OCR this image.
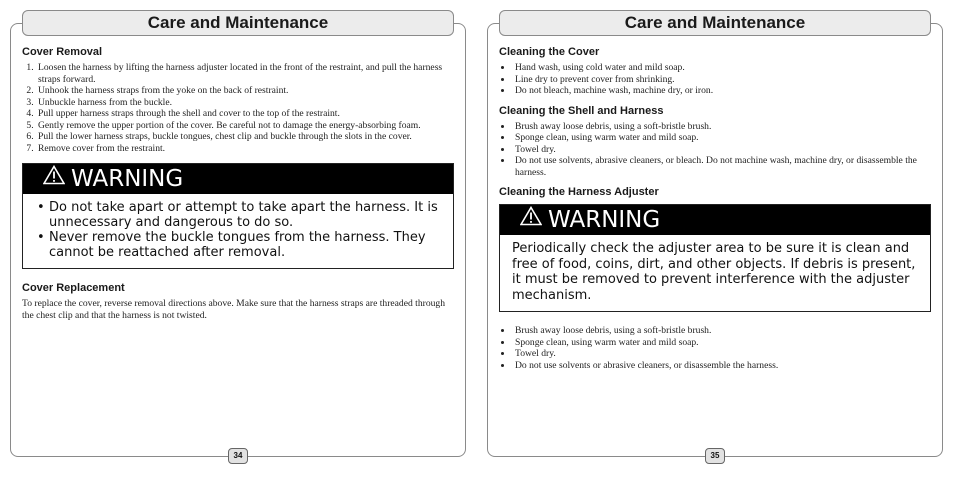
Care and Maintenance
Cover Removal
1. Loosen the harness by lifting the harness adjuster located in the front of the restraint, and pull the harness straps forward.
2. Unhook the harness straps from the yoke on the back of restraint.
3. Unbuckle harness from the buckle.
4. Pull upper harness straps through the shell and cover to the top of the restraint.
5. Gently remove the upper portion of the cover. Be careful not to damage the energy-absorbing foam.
6. Pull the lower harness straps, buckle tongues, chest clip and buckle through the slots in the cover.
7. Remove cover from the restraint.
WARNING
• Do not take apart or attempt to take apart the harness. It is unnecessary and dangerous to do so.
• Never remove the buckle tongues from the harness. They cannot be reattached after removal.
Cover Replacement

To replace the cover, reverse removal directions above. Make sure that the harness straps are threaded through the chest clip and that the harness is not twisted.

34
Care and Maintenance
Cleaning the Cover
• Hand wash, using cold water and mild soap.
• Line dry to prevent cover from shrinking.
• Do not bleach, machine wash, machine dry, or iron.
Cleaning the Shell and Harness
• Brush away loose debris, using a soft-bristle brush.
• Sponge clean, using warm water and mild soap.
• Towel dry.
• Do not use solvents, abrasive cleaners, or bleach. Do not machine wash, machine dry, or disassemble the harness.
Cleaning the Harness Adjuster
WARNING

Periodically check the adjuster area to be sure it is clean and free of food, coins, dirt, and other objects. If debris is present, it must be removed to prevent interference with the adjuster mechanism.

• Brush away loose debris, using a soft-bristle brush.
• Sponge clean, using warm water and mild soap.
• Towel dry.
• Do not use solvents or abrasive cleaners, or disassemble the harness.
35
